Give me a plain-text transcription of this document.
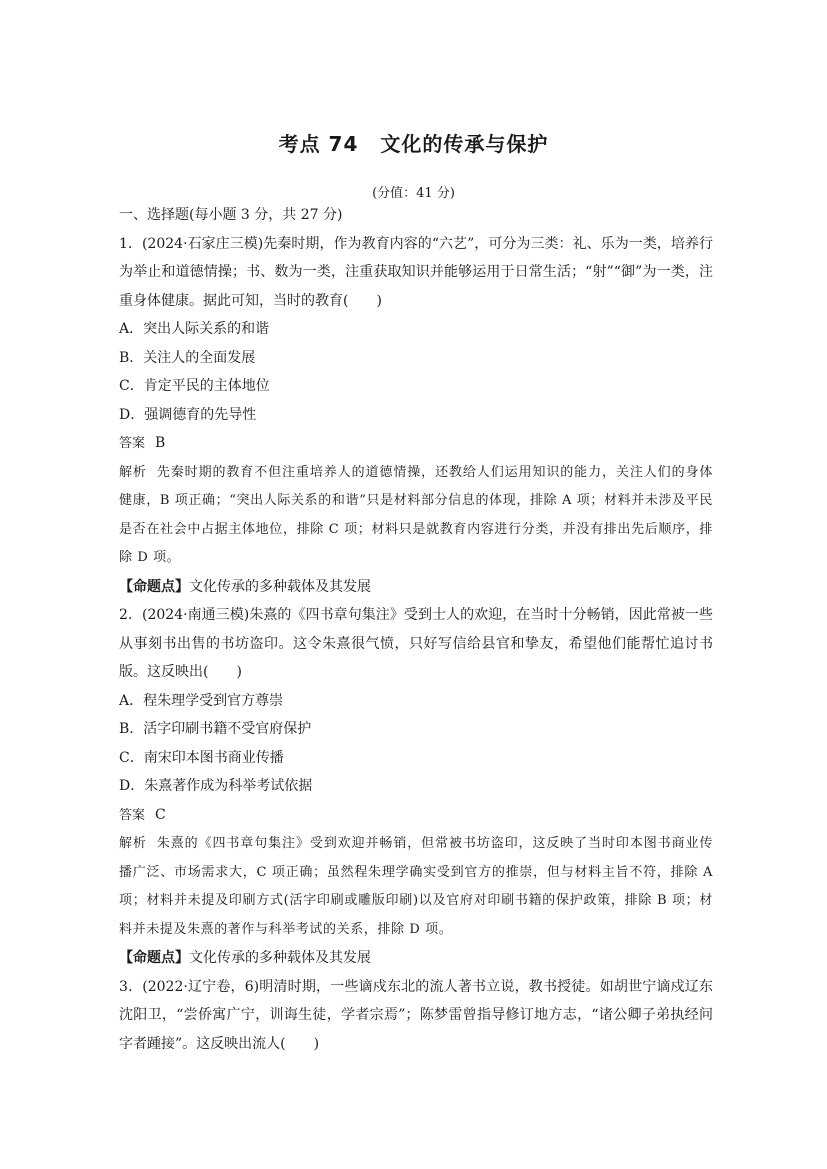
考点 74 文化的传承与保护
(分值：41 分)

一、选择题(每小题 3 分，共 27 分)

1．(2024·石家庄三模)先秦时期，作为教育内容的“六艺”，可分为三类：礼、乐为一类，培养行为举止和道德情操；书、数为一类，注重获取知识并能够运用于日常生活；“射”“御”为一类，注重身体健康。据此可知，当时的教育(　　)

A．突出人际关系的和谐

B．关注人的全面发展

C．肯定平民的主体地位

D．强调德育的先导性

答案 B

解析 先秦时期的教育不但注重培养人的道德情操，还教给人们运用知识的能力，关注人们的身体健康，B 项正确；“突出人际关系的和谐”只是材料部分信息的体现，排除 A 项；材料并未涉及平民是否在社会中占据主体地位，排除 C 项；材料只是就教育内容进行分类，并没有排出先后顺序，排除 D 项。

【命题点】文化传承的多种载体及其发展

2．(2024·南通三模)朱熹的《四书章句集注》受到士人的欢迎，在当时十分畅销，因此常被一些从事刻书出售的书坊盗印。这令朱熹很气愤，只好写信给县官和挚友，希望他们能帮忙追讨书版。这反映出(　　)

A．程朱理学受到官方尊崇

B．活字印刷书籍不受官府保护

C．南宋印本图书商业传播

D．朱熹著作成为科举考试依据

答案 C

解析 朱熹的《四书章句集注》受到欢迎并畅销，但常被书坊盗印，这反映了当时印本图书商业传播广泛、市场需求大，C 项正确；虽然程朱理学确实受到官方的推崇，但与材料主旨不符，排除 A 项；材料并未提及印刷方式(活字印刷或雕版印刷)以及官府对印刷书籍的保护政策，排除 B 项；材料并未提及朱熹的著作与科举考试的关系，排除 D 项。

【命题点】文化传承的多种载体及其发展

3．(2022·辽宁卷，6)明清时期，一些谪戍东北的流人著书立说，教书授徒。如胡世宁谪戍辽东沈阳卫，“尝侨寓广宁，训诲生徒，学者宗焉”；陈梦雷曾指导修订地方志，“诸公卿子弟执经问字者踵接”。这反映出流人(　　)
